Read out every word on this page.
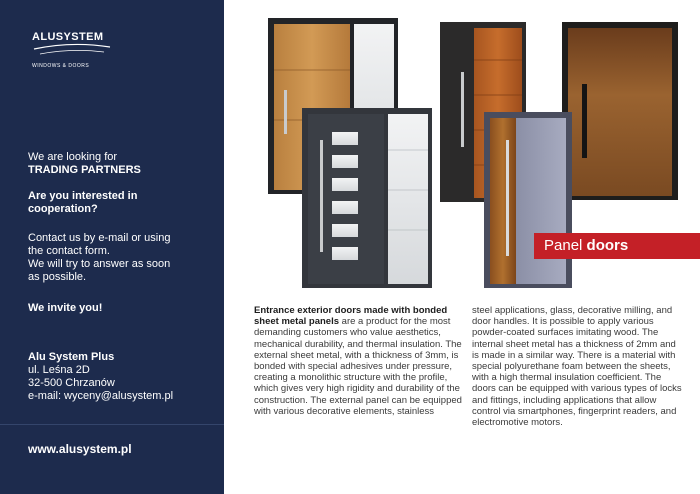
ALUSYSTEM
WINDOWS & DOORS
We are looking for
TRADING PARTNERS
Are you interested in
cooperation?
Contact us by e-mail or using
the contact form.
We will try to answer as soon
as possible.
We invite you!
Alu System Plus
ul. Leśna 2D
32-500 Chrzanów
e-mail: wyceny@alusystem.pl
www.alusystem.pl
Panel doors
Entrance exterior doors made with bonded sheet metal panels are a product for the most demanding customers who value aesthetics, mechanical durability, and thermal insulation. The external sheet metal, with a thickness of 3mm, is bonded with special adhesives under pressure, creating a monolithic structure with the profile, which gives very high rigidity and durability of the construction. The external panel can be equipped with various decorative elements, stainless
steel applications, glass, decorative milling, and door handles. It is possible to apply various powder-coated surfaces imitating wood. The internal sheet metal has a thickness of 2mm and is made in a similar way. There is a material with special polyurethane foam between the sheets, with a high thermal insulation coefficient. The doors can be equipped with various types of locks and fittings, including applications that allow control via smartphones, fingerprint readers, and electromotive motors.
